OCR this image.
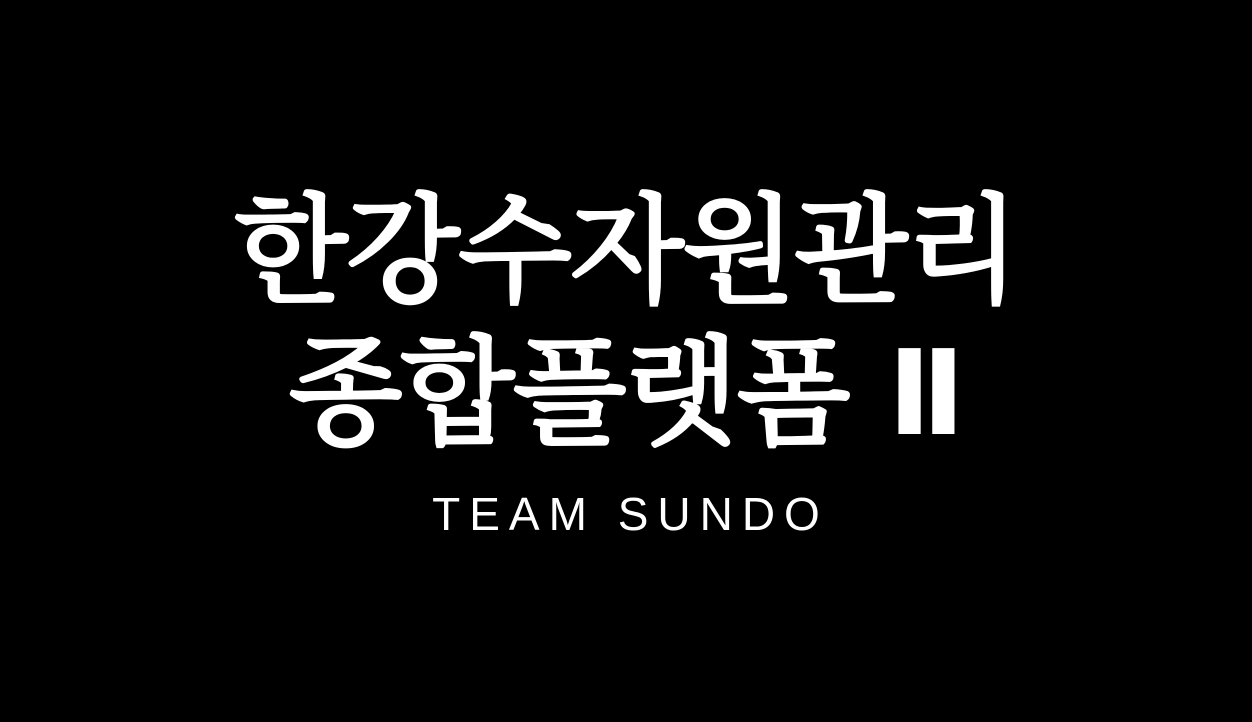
한강수자원관리
종합플랫폼 Ⅱ

TEAM SUNDO
